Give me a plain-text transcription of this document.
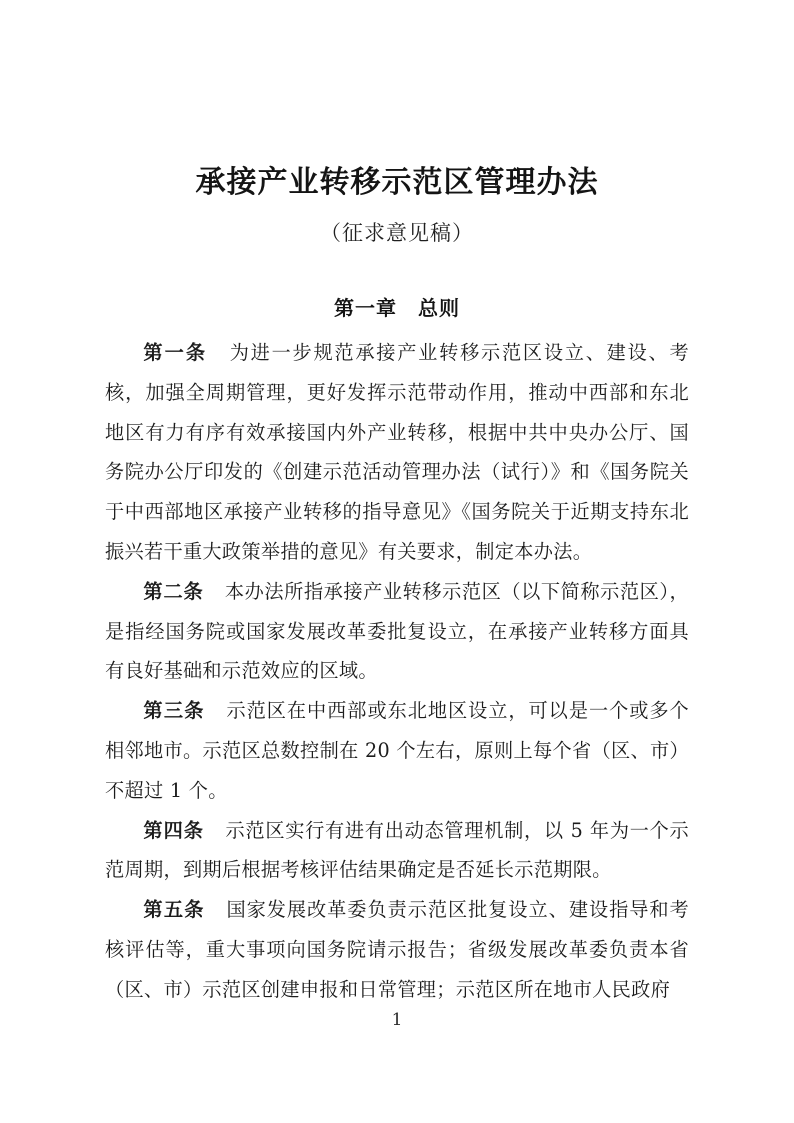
承接产业转移示范区管理办法
（征求意见稿）
第一章　总则

第一条 为进一步规范承接产业转移示范区设立、建设、考核，加强全周期管理，更好发挥示范带动作用，推动中西部和东北地区有力有序有效承接国内外产业转移，根据中共中央办公厅、国务院办公厅印发的《创建示范活动管理办法（试行）》和《国务院关于中西部地区承接产业转移的指导意见》《国务院关于近期支持东北振兴若干重大政策举措的意见》有关要求，制定本办法。

第二条 本办法所指承接产业转移示范区（以下简称示范区），是指经国务院或国家发展改革委批复设立，在承接产业转移方面具有良好基础和示范效应的区域。

第三条 示范区在中西部或东北地区设立，可以是一个或多个相邻地市。示范区总数控制在 20 个左右，原则上每个省（区、市）不超过 1 个。

第四条 示范区实行有进有出动态管理机制，以 5 年为一个示范周期，到期后根据考核评估结果确定是否延长示范期限。

第五条 国家发展改革委负责示范区批复设立、建设指导和考核评估等，重大事项向国务院请示报告；省级发展改革委负责本省（区、市）示范区创建申报和日常管理；示范区所在地市人民政府

1
